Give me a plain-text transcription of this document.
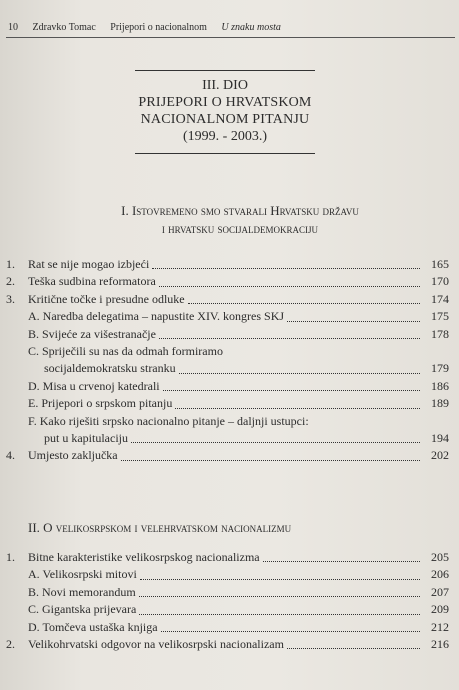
10 Zdravko Tomac Prijepori o nacionalnom U znaku mosta
III. DIO
PRIJEPORI O HRVATSKOM
NACIONALNOM PITANJU
(1999. - 2003.)
I. Istovremeno smo stvarali Hrvatsku državu
i hrvatsku socijaldemokraciju
1.	Rat se nije mogao izbjeći	165
2.	Teška sudbina reformatora	170
3.	Kritične točke i presudne odluke	174
A. Naredba delegatima – napustite XIV. kongres SKJ	175
B. Svijeće za višestranačje	178
C. Spriječili su nas da odmah formiramo
socijaldemokratsku stranku	179
D. Misa u crvenoj katedrali	186
E. Prijepori o srpskom pitanju	189
F. Kako riješiti srpsko nacionalno pitanje – daljnji ustupci:
put u kapitulaciju	194
4.	Umjesto zaključka	202
II. O velikosrpskom i velehrvatskom nacionalizmu
1.	Bitne karakteristike velikosrpskog nacionalizma	205
A. Velikosrpski mitovi	206
B. Novi memorandum	207
C. Gigantska prijevara	209
D. Tomčeva ustaška knjiga	212
2.	Velikohrvatski odgovor na velikosrpski nacionalizam	216
